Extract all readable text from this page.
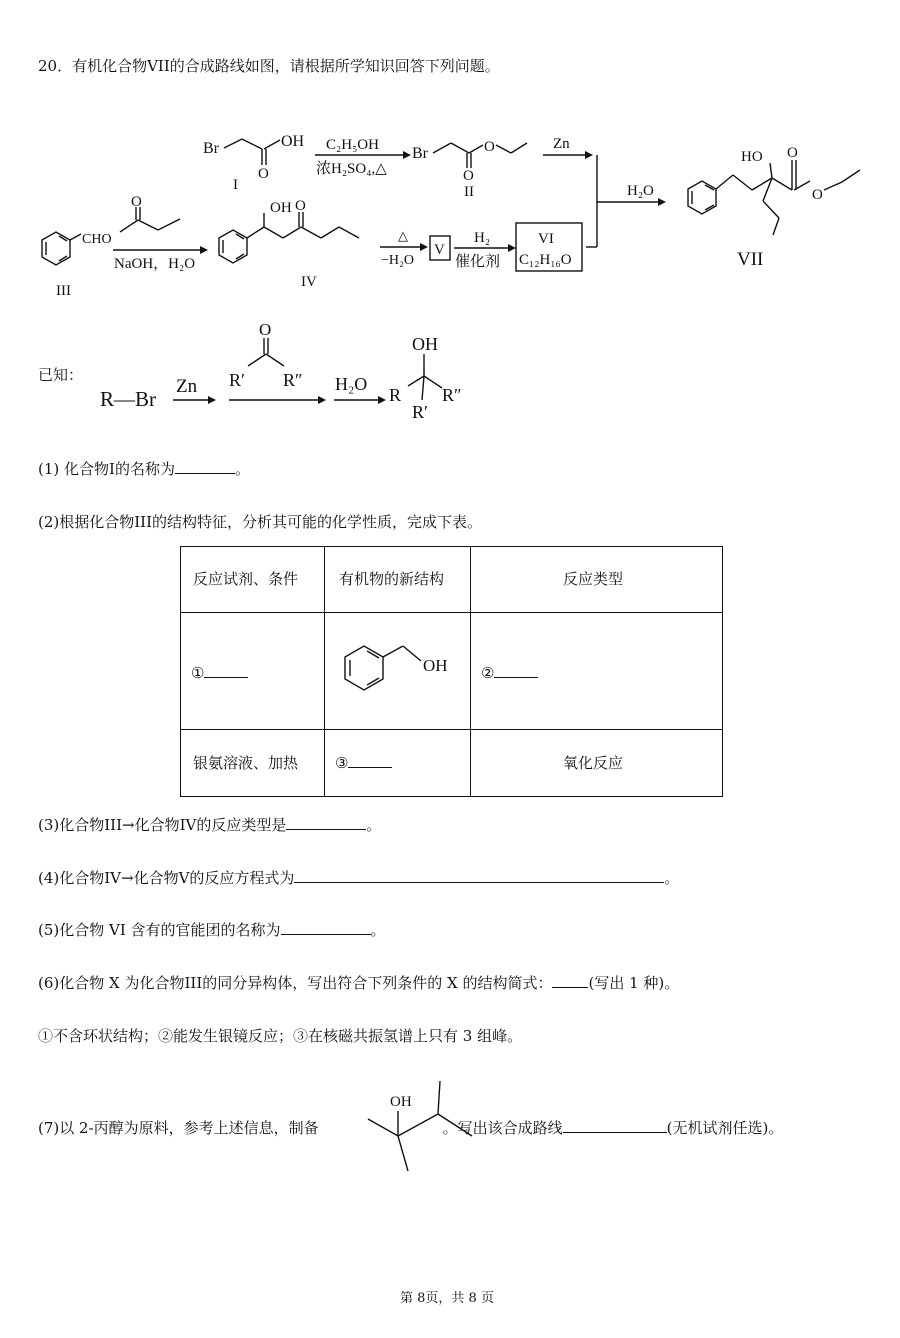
20．有机化合物VII的合成路线如图，请根据所学知识回答下列问题。
Br
O
OH
I
C₂H₅OH
浓H₂SO₄,△
Br
O
O
II
Zn
H₂O
HO O
O
VII
CHO
III
O
NaOH，H₂O
OH O
IV
△
−H₂O
V
H₂
催化剂
VI
C₁₂H₁₆O
已知：
R—Br
Zn
O
R′ R″ H₂O
OH
R
R′
R″
(1) 化合物I的名称为	。
(2)根据化合物III的结构特征，分析其可能的化学性质，完成下表。
反应试剂、条件	有机物的新结构	反应类型
①	OH ②
银氨溶液、加热 ③	氧化反应
(3)化合物III→化合物IV的反应类型是	。
(4)化合物IV→化合物V的反应方程式为	。
(5)化合物 VI 含有的官能团的名称为	。
(6)化合物 X 为化合物III的同分异构体，写出符合下列条件的 X 的结构简式： (写出 1 种)。
①不含环状结构；②能发生银镜反应；③在核磁共振氢谱上只有 3 组峰。
(7)以 2-丙醇为原料，参考上述信息，制备	。写出该合成路线	(无机试剂任选)。
OH
第 8页，共 8 页
